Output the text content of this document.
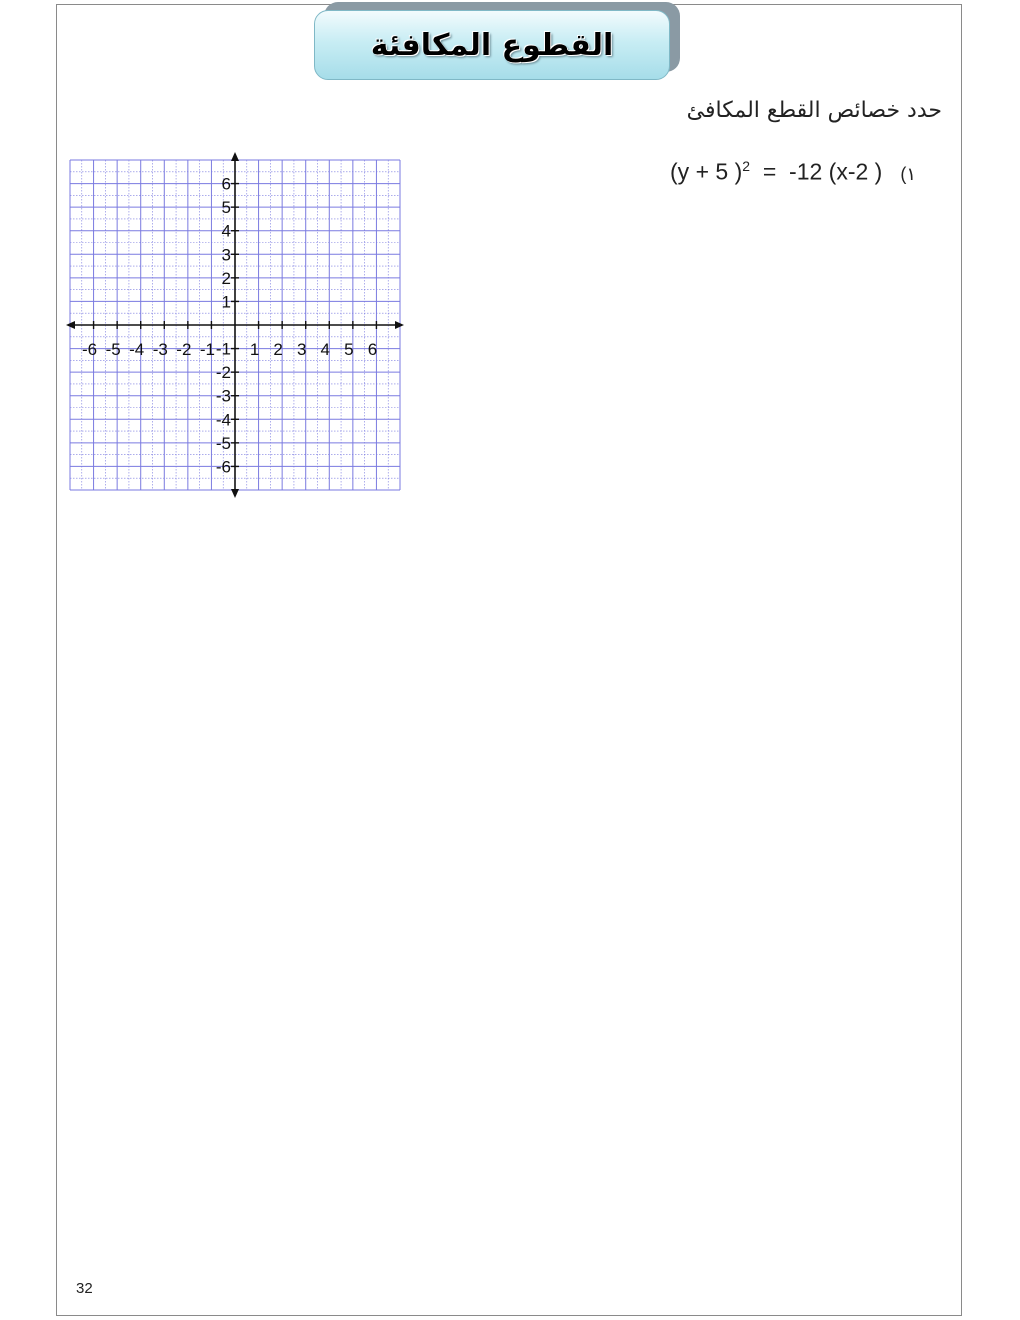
القطوع المكافئة
حدد خصائص القطع المكافئ
(y + 5 )$^2$ = -12 (x-2 ) (١
-6 -5 -4 -3 -2 -1 1 2 3 4 5 6
6
5
4
3
2
1
-1
-2
-3
-4
-5
-6
32
